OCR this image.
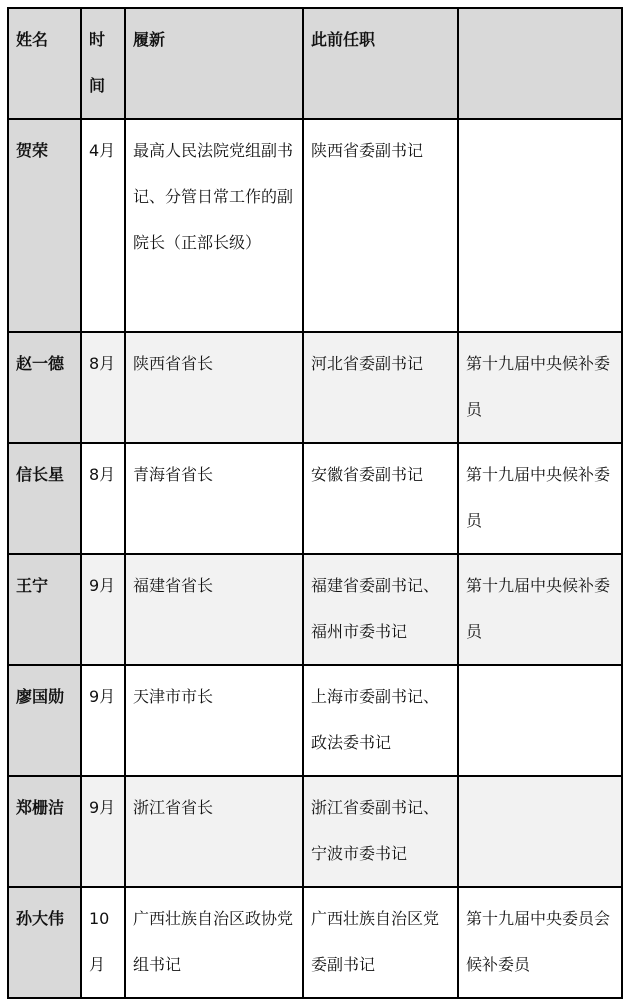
姓名	时间	履新	此前任职	
贺荣	4月	最高人民法院党组副书记、分管日常工作的副院长（正部长级）	陕西省委副书记	
赵一德	8月	陕西省省长	河北省委副书记	第十九届中央候补委员
信长星	8月	青海省省长	安徽省委副书记	第十九届中央候补委员
王宁	9月	福建省省长	福建省委副书记、福州市委书记	第十九届中央候补委员
廖国勋	9月	天津市市长	上海市委副书记、政法委书记	
郑栅洁	9月	浙江省省长	浙江省委副书记、宁波市委书记	
孙大伟	10月	广西壮族自治区政协党组书记	广西壮族自治区党委副书记	第十九届中央委员会候补委员
